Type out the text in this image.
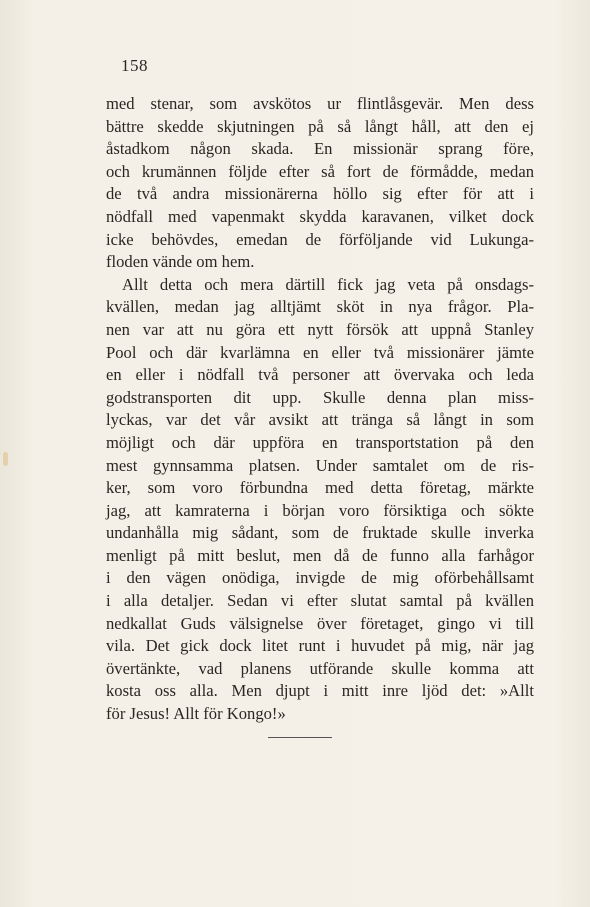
158
med stenar, som avskötos ur flintlåsgevär. Men dess
bättre skedde skjutningen på så långt håll, att den ej
åstadkom någon skada. En missionär sprang före,
och krumännen följde efter så fort de förmådde, medan
de två andra missionärerna höllo sig efter för att i
nödfall med vapenmakt skydda karavanen, vilket dock
icke behövdes, emedan de förföljande vid Lukunga-
floden vände om hem.
Allt detta och mera därtill fick jag veta på onsdags-
kvällen, medan jag alltjämt sköt in nya frågor. Pla-
nen var att nu göra ett nytt försök att uppnå Stanley
Pool och där kvarlämna en eller två missionärer jämte
en eller i nödfall två personer att övervaka och leda
godstransporten dit upp. Skulle denna plan miss-
lyckas, var det vår avsikt att tränga så långt in som
möjligt och där uppföra en transportstation på den
mest gynnsamma platsen. Under samtalet om de ris-
ker, som voro förbundna med detta företag, märkte
jag, att kamraterna i början voro försiktiga och sökte
undanhålla mig sådant, som de fruktade skulle inverka
menligt på mitt beslut, men då de funno alla farhågor
i den vägen onödiga, invigde de mig oförbehållsamt
i alla detaljer. Sedan vi efter slutat samtal på kvällen
nedkallat Guds välsignelse över företaget, gingo vi till
vila. Det gick dock litet runt i huvudet på mig, när jag
övertänkte, vad planens utförande skulle komma att
kosta oss alla. Men djupt i mitt inre ljöd det: »Allt
för Jesus! Allt för Kongo!»
